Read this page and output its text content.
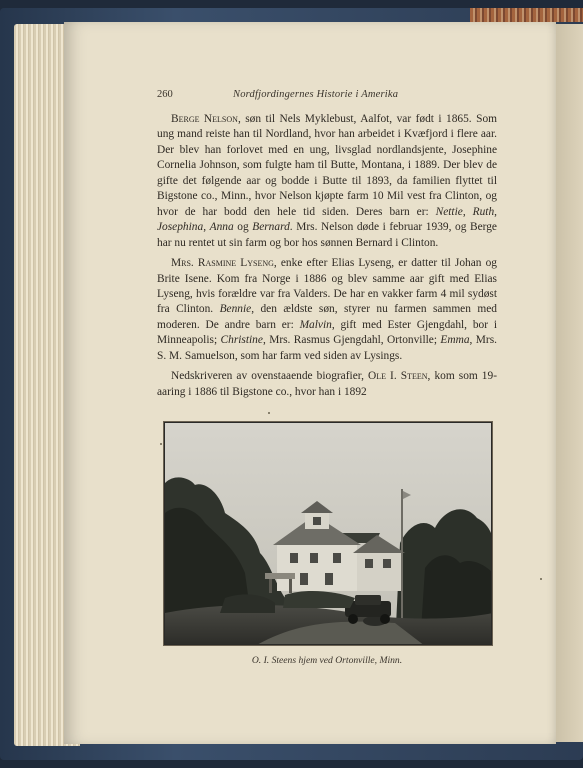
260	Nordfjordingernes Historie i Amerika

Berge Nelson, søn til Nels Myklebust, Aalfot, var født i 1865. Som ung mand reiste han til Nordland, hvor han arbeidet i Kvæfjord i flere aar. Der blev han forlovet med en ung, livsglad nordlandsjente, Josephine Cornelia Johnson, som fulgte ham til Butte, Montana, i 1889. Der blev de gifte det følgende aar og bodde i Butte til 1893, da familien flyttet til Bigstone co., Minn., hvor Nelson kjøpte farm 10 Mil vest fra Clinton, og hvor de har bodd den hele tid siden. Deres barn er: Nettie, Ruth, Josephina, Anna og Bernard. Mrs. Nelson døde i februar 1939, og Berge har nu rentet ut sin farm og bor hos sønnen Bernard i Clinton.

Mrs. Rasmine Lyseng, enke efter Elias Lyseng, er datter til Johan og Brite Isene. Kom fra Norge i 1886 og blev samme aar gift med Elias Lyseng, hvis forældre var fra Valders. De har en vakker farm 4 mil sydøst fra Clinton. Bennie, den ældste søn, styrer nu farmen sammen med moderen. De andre barn er: Malvin, gift med Ester Gjengdahl, bor i Minneapolis; Christine, Mrs. Rasmus Gjengdahl, Ortonville; Emma, Mrs. S. M. Samuelson, som har farm ved siden av Lysings.

Nedskriveren av ovenstaaende biografier, Ole I. Steen, kom som 19-aaring i 1886 til Bigstone co., hvor han i 1892

O. I. Steens hjem ved Ortonville, Minn.
